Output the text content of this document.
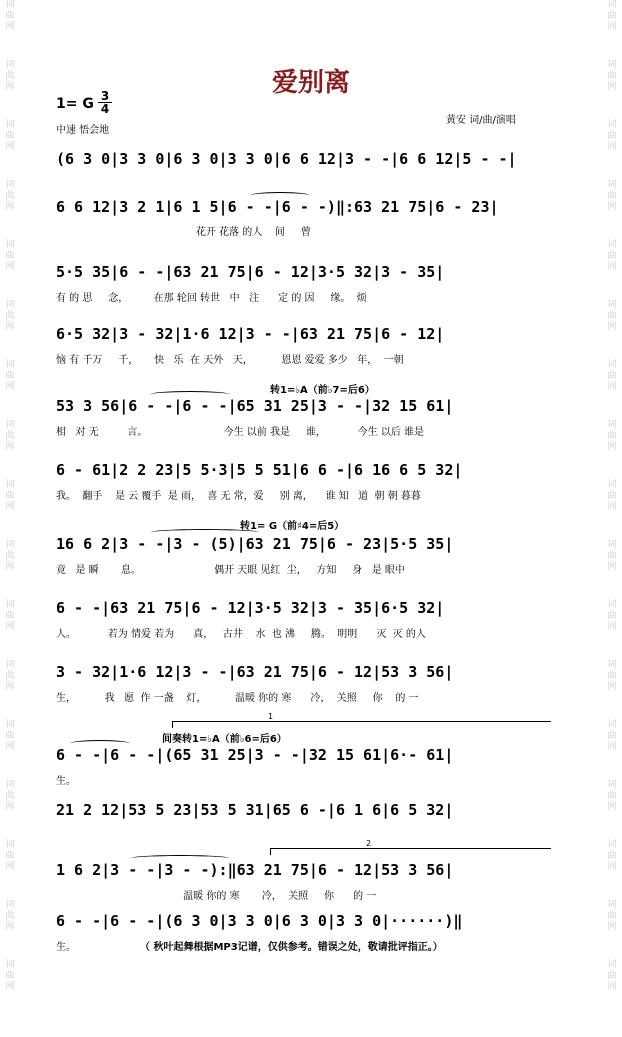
词
曲
网
词
曲
网
词
曲
网
词
曲
网
词
曲
网
词
曲
网
词
曲
网
词
曲
网
词
曲
网
词
曲
网
词
曲
网
词
曲
网
词
曲
网
词
曲
网
词
曲
网
词
曲
网
词
曲
网
词
曲
网
词
曲
网
词
曲
网
词
曲
网
词
曲
网
词
曲
网
词
曲
网
词
曲
网
词
曲
网
词
曲
网
词
曲
网
词
曲
网
词
曲
网
词
曲
网
词
曲
网
词
曲
网
词
曲
网
爱别离
1= G 3
4
中速 悟会地
黄安 词/曲/演唱
(6 3 0|3 3 0|6 3 0|3 3 0|6 6 12|3 - -|6 6 12|5 - -|
6 6 12|3 2 1|6 1 5|6 - -|6 - -)‖:63 21 75|6 - 23|
花开 花落 的人    间     曾
5·5 35|6 - -|63 21 75|6 - 12|3·5 32|3 - 35|
有 的 思     念，        在那 轮回 转世   中   注      定 的 因     缘。  烦
6·5 32|3 - 32|1·6 12|3 - -|63 21 75|6 - 12|
恼 有 千万     千，     快   乐  在 天外   天，         恩恩 爱爱 多少   年，  一朝
转1=♭A（前♭7=后6）
53 3 56|6 - -|6 - -|65 31 25|3 - -|32 15 61|
相   对 无         言。                        今生 以前 我是     谁，          今生 以后 谁是
6 - 61|2 2 23|5 5·3|5 5 51|6 6 -|6 16 6 5 32|
我。  翻手    是 云 覆手  是 雨，  喜 无 常，爱     别 离，    谁 知   道  朝 朝 暮暮
转1= G（前♯4=后5）
16 6 2|3 - -|3 - (5)|63 21 75|6 - 23|5·5 35|
竟   是 瞬       息。                       偶开 天眼 见红  尘，   方知     身   是 眼中
6 - -|63 21 75|6 - 12|3·5 32|3 - 35|6·5 32|
人。          若为 情爱 若为      真，   古井    水  也 沸     腾。  明明      灭  灭 的人
3 - 32|1·6 12|3 - -|63 21 75|6 - 12|53 3 56|
生，         我   愿  作 一盏    灯，         温暖 你的 寒      冷，  关照     你    的 一
1
间奏转1=♭A（前♭6=后6）
6 - -|6 - -|(65 31 25|3 - -|32 15 61|6·- 61|
生。
21 2 12|53 5 23|53 5 31|65 6 -|6 1 6|6 5 32|
2
1 6 2|3 - -|3 - -):‖63 21 75|6 - 12|53 3 56|
温暖 你的 寒       冷，  关照     你      的 一
6 - -|6 - -|(6 3 0|3 3 0|6 3 0|3 3 0|······)‖
生。	（ 秋叶起舞根据MP3记谱，仅供参考。错误之处，敬请批评指正。）
